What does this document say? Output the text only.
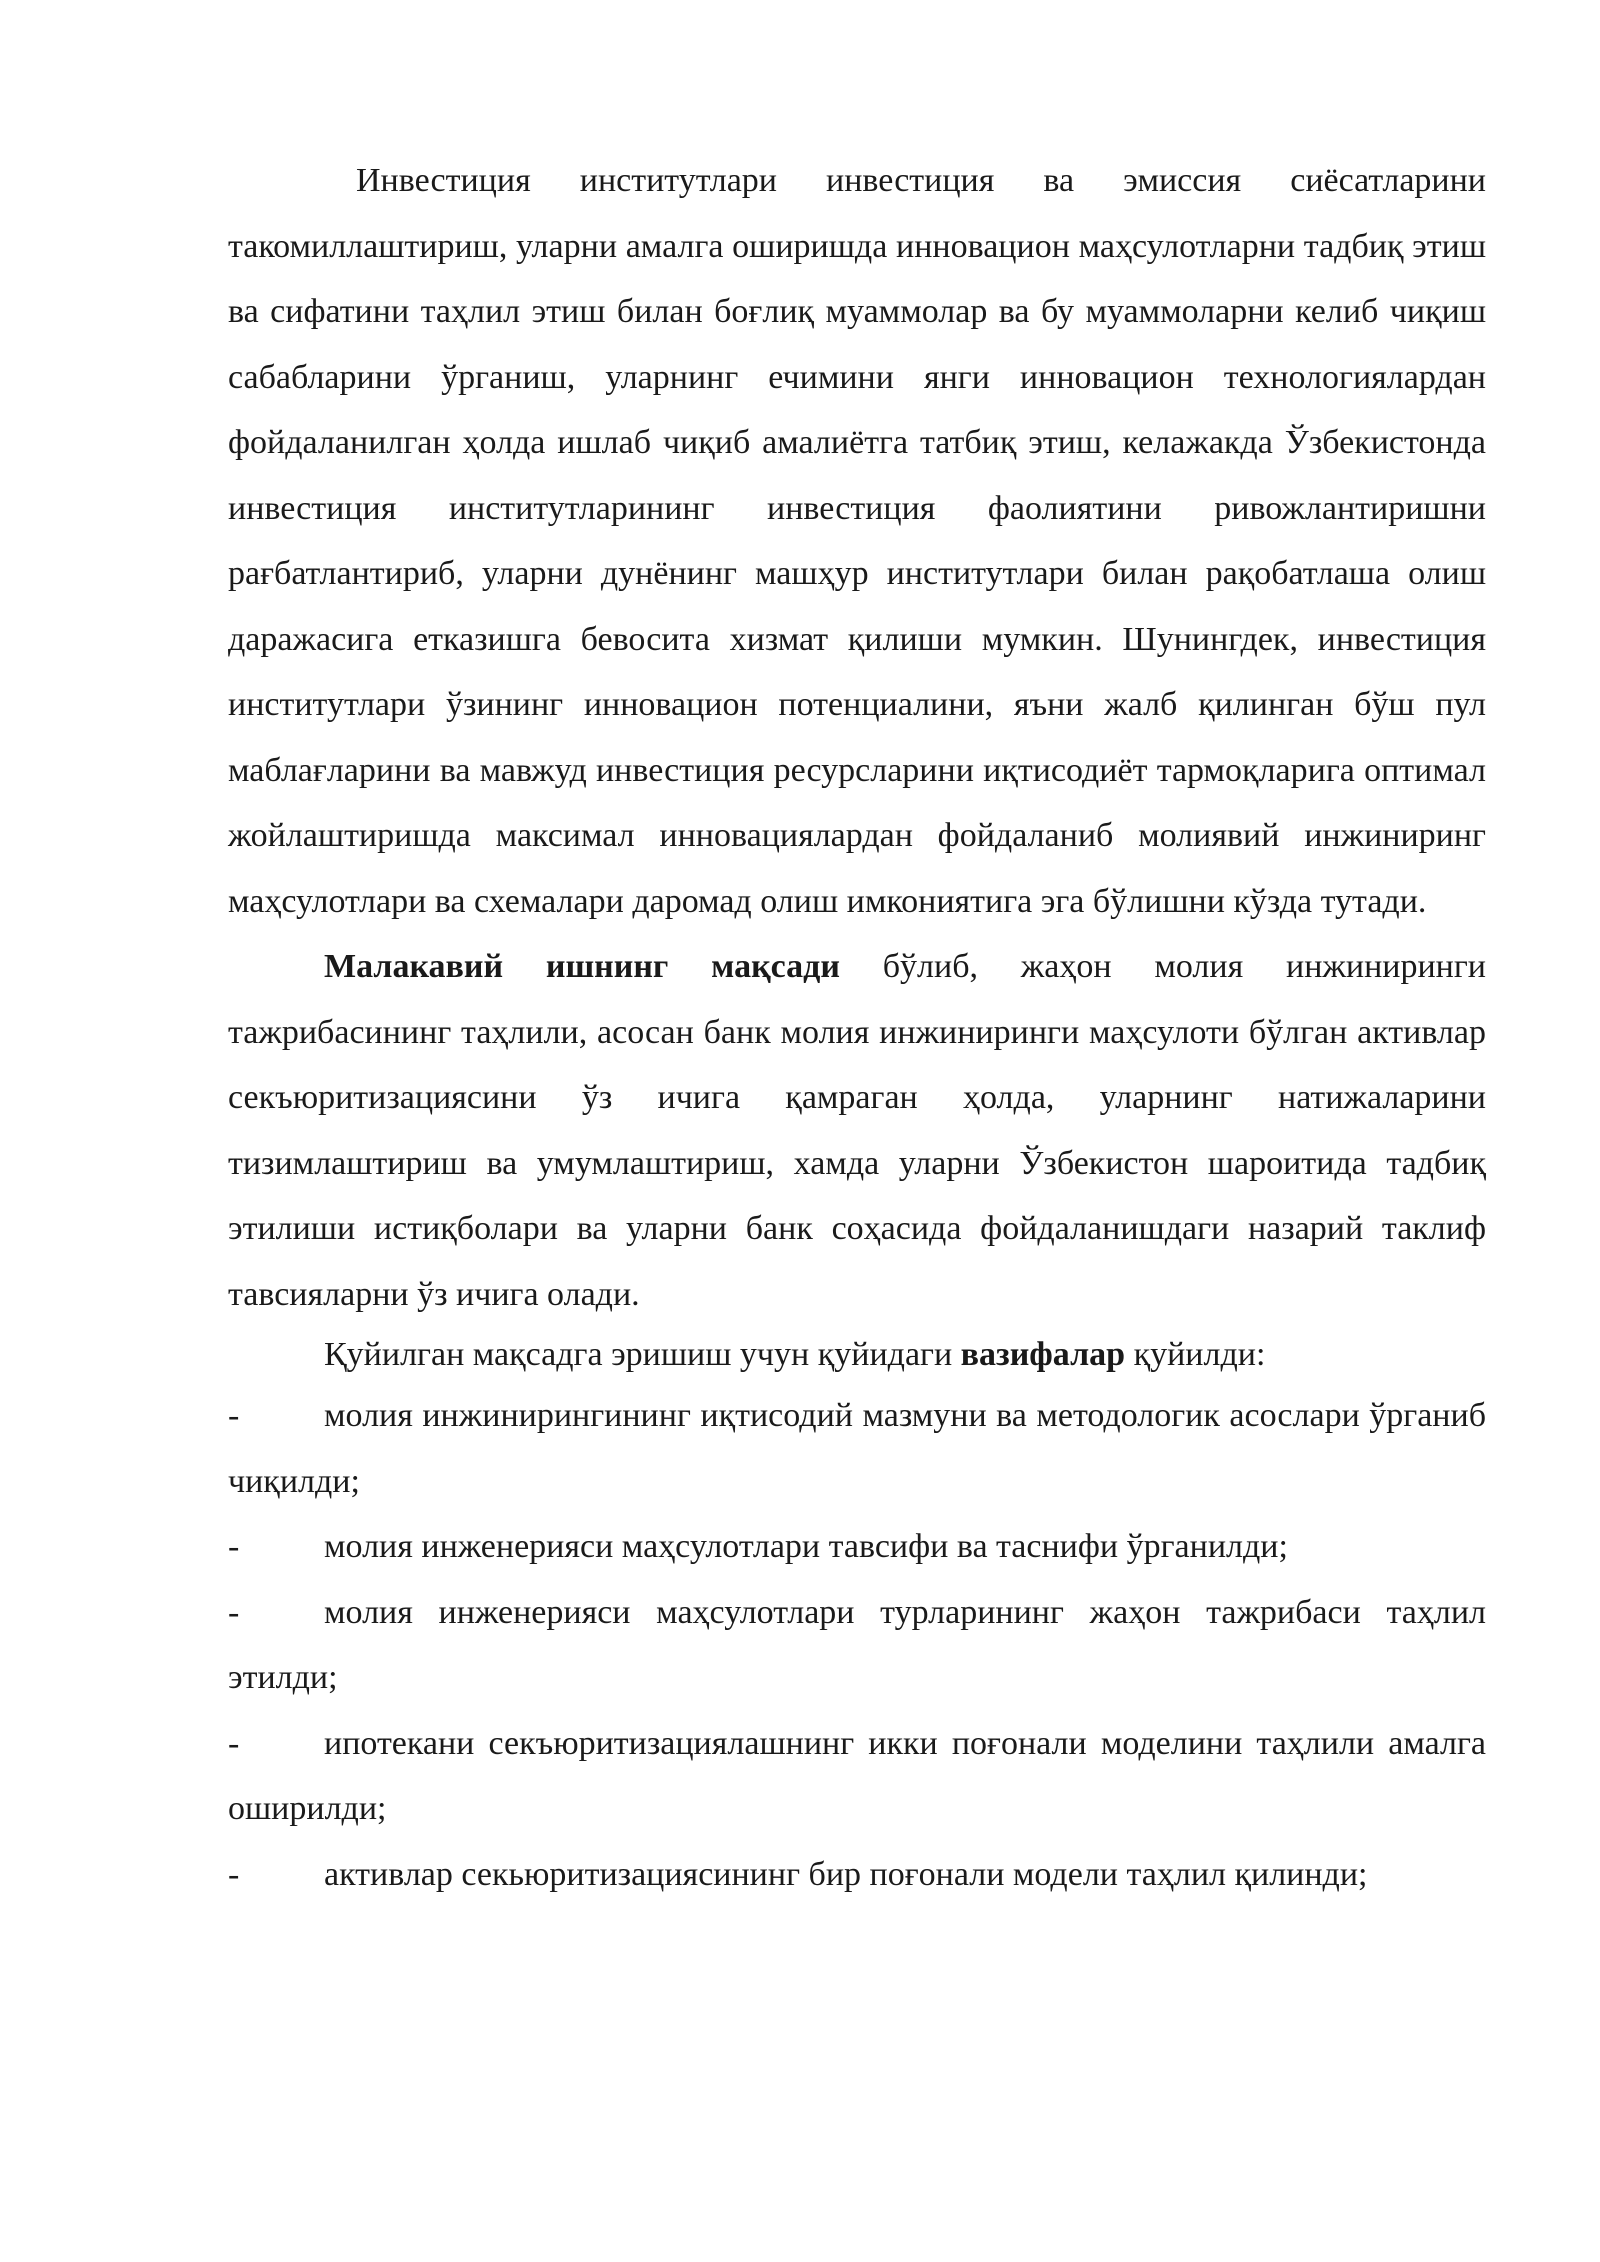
Инвестиция институтлари инвестиция ва эмиссия сиёсатларини такомиллаштириш, уларни амалга оширишда инновацион маҳсулотларни тадбиқ этиш ва сифатини таҳлил этиш билан боғлиқ муаммолар ва бу муаммоларни келиб чиқиш сабабларини ўрганиш, уларнинг ечимини янги инновацион технологиялардан фойдаланилган ҳолда ишлаб чиқиб амалиётга татбиқ этиш, келажакда Ўзбекистонда инвестиция институтларининг инвестиция фаолиятини ривожлантиришни рағбатлантириб, уларни дунёнинг машҳур институтлари билан рақобатлаша олиш даражасига етказишга бевосита хизмат қилиши мумкин. Шунингдек, инвестиция институтлари ўзининг инновацион потенциалини, яъни жалб қилинган бўш пул маблағларини ва мавжуд инвестиция ресурсларини иқтисодиёт тармоқларига оптимал жойлаштиришда максимал инновациялардан фойдаланиб молиявий инжиниринг маҳсулотлари ва схемалари даромад олиш имкониятига эга бўлишни кўзда тутади.

Малакавий ишнинг мақсади бўлиб, жаҳон молия инжиниринги тажрибасининг таҳлили, асосан банк молия инжиниринги маҳсулоти бўлган активлар секъюритизациясини ўз ичига қамраган ҳолда, уларнинг натижаларини тизимлаштириш ва умумлаштириш, хамда уларни Ўзбекистон шароитида тадбиқ этилиши истиқболари ва уларни банк соҳасида фойдаланишдаги назарий таклиф тавсияларни ўз ичига олади.

Қуйилган мақсадга эришиш учун қуйидаги вазифалар қуйилди:

- молия инжинирингининг иқтисодий мазмуни ва методологик асослари ўрганиб чиқилди;
- молия инженерияси маҳсулотлари тавсифи ва таснифи ўрганилди;
- молия инженерияси маҳсулотлари турларининг жаҳон тажрибаси таҳлил этилди;
- ипотекани секъюритизациялашнинг икки поғонали моделини таҳлили амалга оширилди;
- активлар секьюритизациясининг бир поғонали модели таҳлил қилинди;
